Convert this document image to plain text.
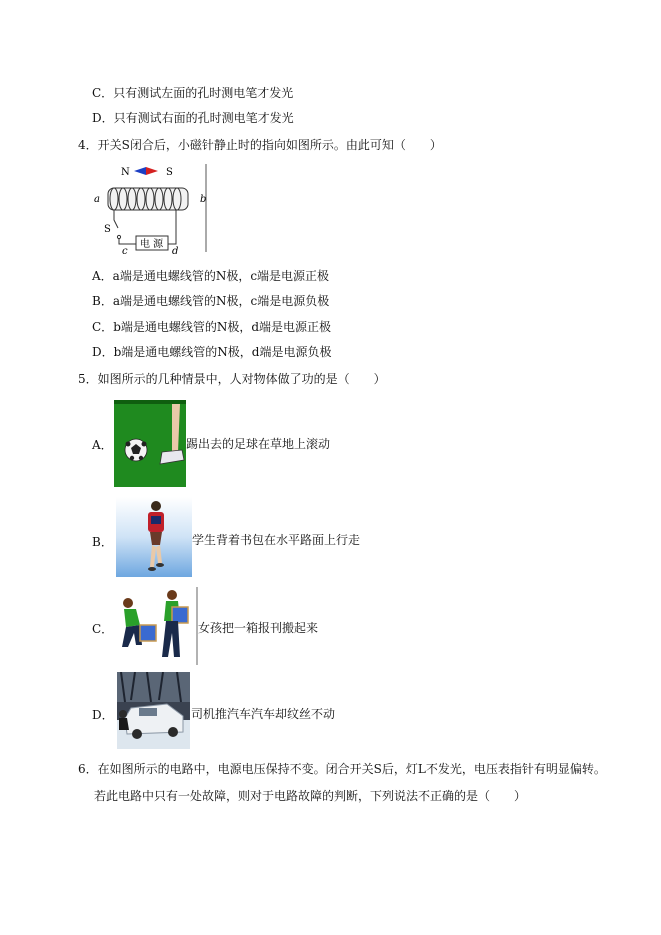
C．只有测试左面的孔时测电笔才发光
D．只有测试右面的孔时测电笔才发光
4．开关S闭合后，小磁针静止时的指向如图所示。由此可知（　　）
N	S
a	b
S
电 源
c	d
A．a端是通电螺线管的N极，c端是电源正极
B．a端是通电螺线管的N极，c端是电源负极
C．b端是通电螺线管的N极，d端是电源正极
D．b端是通电螺线管的N极，d端是电源负极
5．如图所示的几种情景中，人对物体做了功的是（　　）
A．	踢出去的足球在草地上滚动
B．	学生背着书包在水平路面上行走
C．	女孩把一箱报刊搬起来
D．	司机推汽车汽车却纹丝不动
6．在如图所示的电路中，电源电压保持不变。闭合开关S后，灯L不发光，电压表指针有明显偏转。
若此电路中只有一处故障，则对于电路故障的判断，下列说法不正确的是（　　）
